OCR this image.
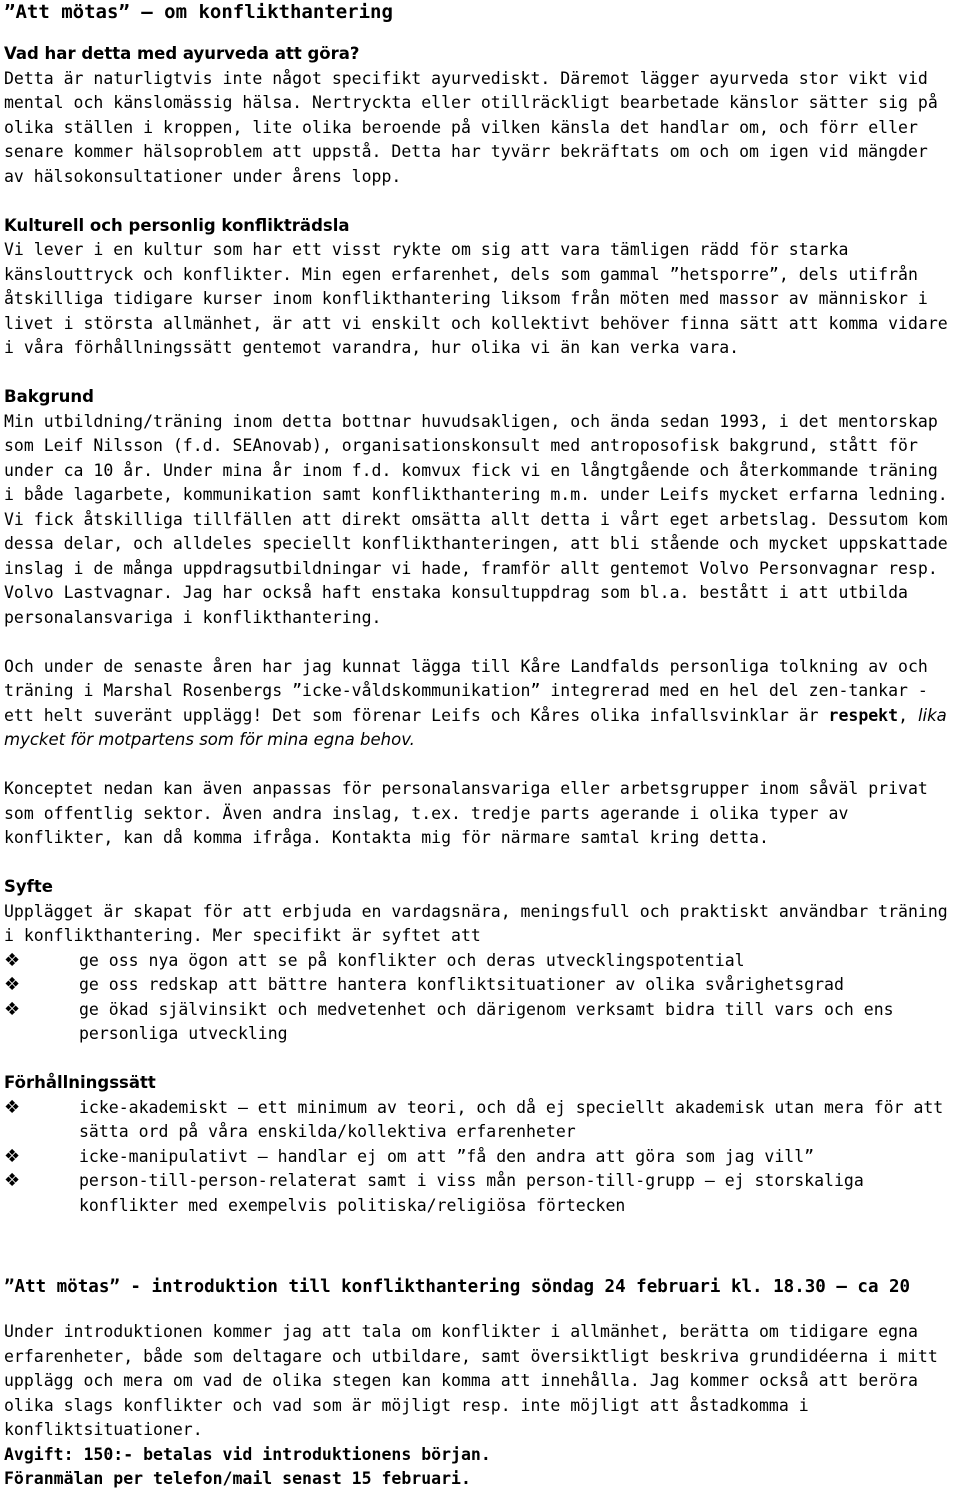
”Att mötas” – om konflikthantering
Vad har detta med ayurveda att göra?

Detta är naturligtvis inte något specifikt ayurvediskt. Däremot lägger ayurveda stor vikt vid mental och känslomässig hälsa. Nertryckta eller otillräckligt bearbetade känslor sätter sig på olika ställen i kroppen, lite olika beroende på vilken känsla det handlar om, och förr eller senare kommer hälsoproblem att uppstå. Detta har tyvärr bekräftats om och om igen vid mängder av hälsokonsultationer under årens lopp.

Kulturell och personlig konflikträdsla

Vi lever i en kultur som har ett visst rykte om sig att vara tämligen rädd för starka känslouttryck och konflikter. Min egen erfarenhet, dels som gammal ”hetsporre”, dels utifrån åtskilliga tidigare kurser inom konflikthantering liksom från möten med massor av människor i livet i största allmänhet, är att vi enskilt och kollektivt behöver finna sätt att komma vidare i våra förhållningssätt gentemot varandra, hur olika vi än kan verka vara.

Bakgrund

Min utbildning/träning inom detta bottnar huvudsakligen, och ända sedan 1993, i det mentorskap som Leif Nilsson (f.d. SEAnovab), organisationskonsult med antroposofisk bakgrund, stått för under ca 10 år. Under mina år inom f.d. komvux fick vi en långtgående och återkommande träning i både lagarbete, kommunikation samt konflikthantering m.m. under Leifs mycket erfarna ledning. Vi fick åtskilliga tillfällen att direkt omsätta allt detta i vårt eget arbetslag. Dessutom kom dessa delar, och alldeles speciellt konflikthanteringen, att bli stående och mycket uppskattade inslag i de många uppdragsutbildningar vi hade, framför allt gentemot Volvo Personvagnar resp. Volvo Lastvagnar. Jag har också haft enstaka konsultuppdrag som bl.a. bestått i att utbilda personalansvariga i konflikthantering.

Och under de senaste åren har jag kunnat lägga till Kåre Landfalds personliga tolkning av och träning i Marshal Rosenbergs ”icke-våldskommunikation” integrerad med en hel del zen-tankar - ett helt suveränt upplägg! Det som förenar Leifs och Kåres olika infallsvinklar är respekt, lika mycket för motpartens som för mina egna behov.

Konceptet nedan kan även anpassas för personalansvariga eller arbetsgrupper inom såväl privat som offentlig sektor. Även andra inslag, t.ex. tredje parts agerande i olika typer av konflikter, kan då komma ifråga. Kontakta mig för närmare samtal kring detta.

Syfte

Upplägget är skapat för att erbjuda en vardagsnära, meningsfull och praktiskt användbar träning i konflikthantering. Mer specifikt är syftet att

❖	ge oss nya ögon att se på konflikter och deras utvecklingspotential
❖	ge oss redskap att bättre hantera konfliktsituationer av olika svårighetsgrad
❖	ge ökad självinsikt och medvetenhet och därigenom verksamt bidra till vars och ens personliga utveckling
Förhållningssätt
❖	icke-akademiskt – ett minimum av teori, och då ej speciellt akademisk utan mera för att sätta ord på våra enskilda/kollektiva erfarenheter
❖	icke-manipulativt – handlar ej om att ”få den andra att göra som jag vill”
❖	person-till-person-relaterat samt i viss mån person-till-grupp – ej storskaliga konflikter med exempelvis politiska/religiösa förtecken
”Att mötas” - introduktion till konflikthantering söndag 24 februari kl. 18.30 – ca 20

Under introduktionen kommer jag att tala om konflikter i allmänhet, berätta om tidigare egna erfarenheter, både som deltagare och utbildare, samt översiktligt beskriva grundidéerna i mitt upplägg och mera om vad de olika stegen kan komma att innehålla. Jag kommer också att beröra olika slags konflikter och vad som är möjligt resp. inte möjligt att åstadkomma i konfliktsituationer.

Avgift: 150:- betalas vid introduktionens början.

Föranmälan per telefon/mail senast 15 februari.
